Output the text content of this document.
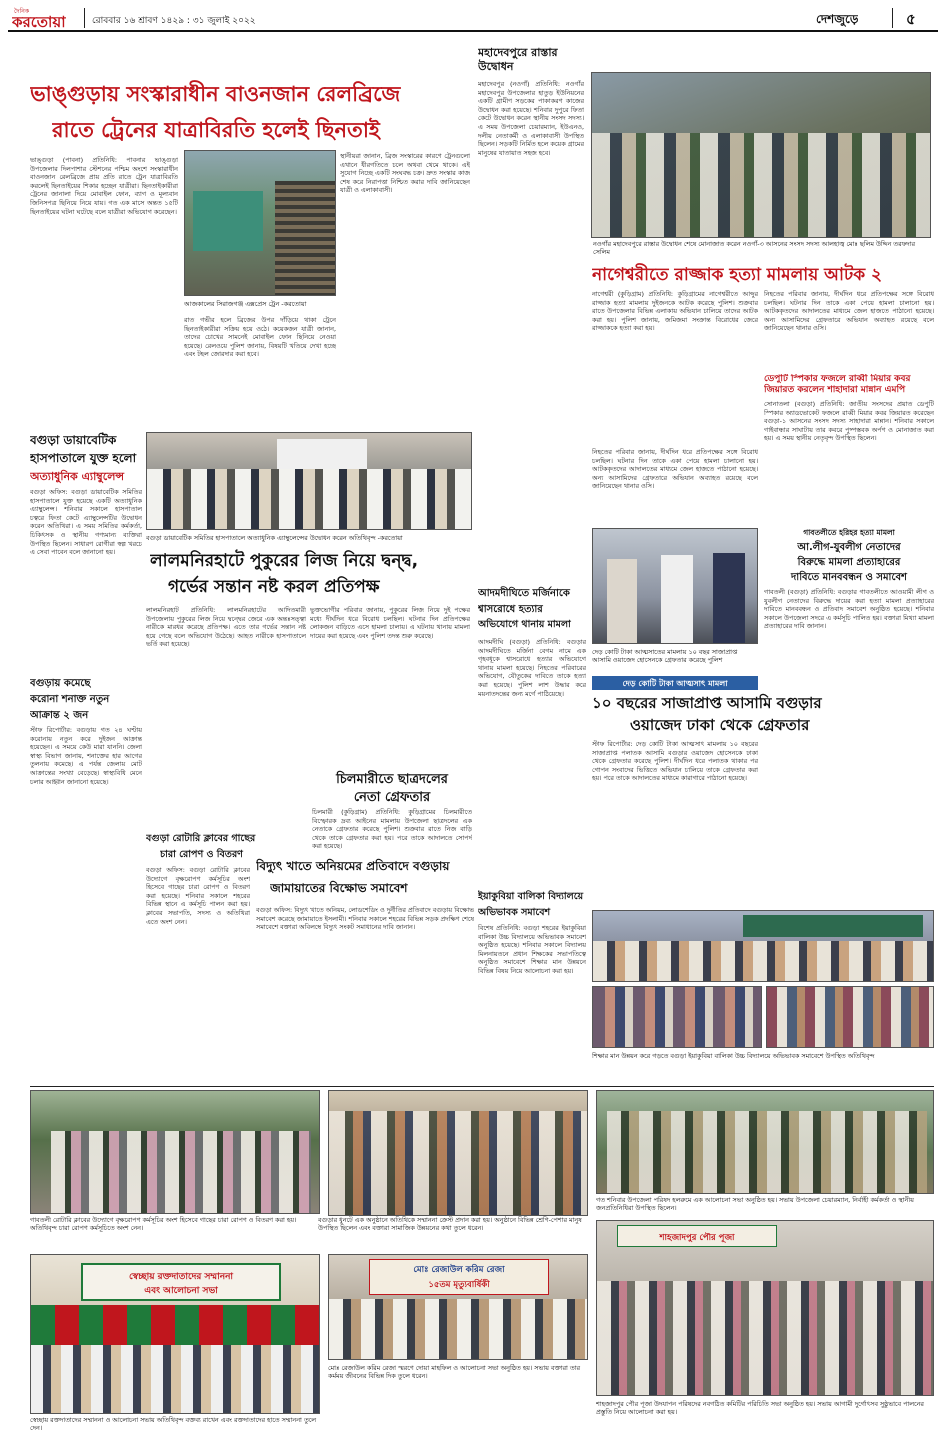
দৈনিক
করতোয়া	রোববার ১৬ শ্রাবণ ১৪২৯ : ৩১ জুলাই ২০২২	দেশজুড়ে	৫
ভাঙ্গুড়ায় সংস্কারাধীন বাওনজান রেলব্রিজে
রাতে ট্রেনের যাত্রাবিরতি হলেই ছিনতাই
ভাঙ্গুড়া (পাবনা) প্রতিনিধি: পাবনার ভাঙ্গুড়া উপজেলার দিলপাশার স্টেশনের পশ্চিম অংশে সংস্কারাধীন বাওনজান রেলব্রিজে প্রায় প্রতি রাতে ট্রেন যাত্রাবিরতি করলেই ছিনতাইয়ের শিকার হচ্ছেন যাত্রীরা। ছিনতাইকারীরা ট্রেনের জানালা দিয়ে মোবাইল ফোন, ব্যাগ ও মূল্যবান জিনিসপত্র ছিনিয়ে নিয়ে যায়। গত এক মাসে অন্তত ১৫টি ছিনতাইয়ের ঘটনা ঘটেছে বলে যাত্রীরা অভিযোগ করেছেন।
আজকালের সিরাজগঞ্জ এক্সপ্রেস ট্রেন -করতোয়া
রাত গভীর হলে ব্রিজের উপর দাঁড়িয়ে থাকা ট্রেনে ছিনতাইকারীরা সক্রিয় হয়ে ওঠে। কয়েকজন যাত্রী জানান, তাদের চোখের সামনেই মোবাইল ফোন ছিনিয়ে নেওয়া হয়েছে। রেলওয়ে পুলিশ জানায়, বিষয়টি খতিয়ে দেখা হচ্ছে এবং টহল জোরদার করা হবে।
স্থানীয়রা জানান, ব্রিজ সংস্কারের কারণে ট্রেনগুলো এখানে ধীরগতিতে চলে অথবা থেমে থাকে। এই সুযোগ নিচ্ছে একটি সংঘবদ্ধ চক্র। দ্রুত সংস্কার কাজ শেষ করে নিরাপত্তা নিশ্চিত করার দাবি জানিয়েছেন যাত্রী ও এলাকাবাসী।
মহাদেবপুরে রাস্তার উদ্বোধন
মহাদেবপুর (নওগাঁ) প্রতিনিধি: নওগাঁর মহাদেবপুর উপজেলার হাতুড় ইউনিয়নের একটি গ্রামীণ সড়কের পাকাকরণ কাজের উদ্বোধন করা হয়েছে। শনিবার দুপুরে ফিতা কেটে উদ্বোধন করেন স্থানীয় সংসদ সদস্য। এ সময় উপজেলা চেয়ারম্যান, ইউএনও, দলীয় নেতাকর্মী ও এলাকাবাসী উপস্থিত ছিলেন। সড়কটি নির্মিত হলে কয়েক গ্রামের মানুষের যাতায়াত সহজ হবে।
নওগাঁর মহাদেবপুরে রাস্তার উদ্বোধন শেষে মোনাজাত করেন নওগাঁ-৩ আসনের সংসদ সদস্য আলহাজ্ব মোঃ ছলিম উদ্দিন তরফদার সেলিম
নাগেশ্বরীতে রাজ্জাক হত্যা মামলায় আটক ২
নাগেশ্বরী (কুড়িগ্রাম) প্রতিনিধি: কুড়িগ্রামের নাগেশ্বরীতে আব্দুর রাজ্জাক হত্যা মামলায় দুইজনকে আটক করেছে পুলিশ। শুক্রবার রাতে উপজেলার বিভিন্ন এলাকায় অভিযান চালিয়ে তাদের আটক করা হয়। পুলিশ জানায়, জমিজমা সংক্রান্ত বিরোধের জেরে রাজ্জাককে হত্যা করা হয়।
নিহতের পরিবার জানায়, দীর্ঘদিন ধরে প্রতিপক্ষের সঙ্গে বিরোধ চলছিল। ঘটনার দিন তাকে একা পেয়ে হামলা চালানো হয়। আটককৃতদের আদালতের মাধ্যমে জেল হাজতে পাঠানো হয়েছে। অন্য আসামিদের গ্রেফতারে অভিযান অব্যাহত রয়েছে বলে জানিয়েছেন থানার ওসি।
ডেপুটি স্পিকার ফজলে রাব্বী মিয়ার কবর জিয়ারত করলেন শাহাদারা মান্নান এমপি
সোনাতলা (বগুড়া) প্রতিনিধি: জাতীয় সংসদের প্রয়াত ডেপুটি স্পিকার অ্যাডভোকেট ফজলে রাব্বী মিয়ার কবর জিয়ারত করেছেন বগুড়া-১ আসনের সংসদ সদস্য সাহাদারা মান্নান। শনিবার সকালে গাইবান্ধার সাঘাটায় তার কবরে পুষ্পস্তবক অর্পণ ও মোনাজাত করা হয়। এ সময় স্থানীয় নেতৃবৃন্দ উপস্থিত ছিলেন।
নিহতের পরিবার জানায়, দীর্ঘদিন ধরে প্রতিপক্ষের সঙ্গে বিরোধ চলছিল। ঘটনার দিন তাকে একা পেয়ে হামলা চালানো হয়। আটককৃতদের আদালতের মাধ্যমে জেল হাজতে পাঠানো হয়েছে। অন্য আসামিদের গ্রেফতারে অভিযান অব্যাহত রয়েছে বলে জানিয়েছেন থানার ওসি।
বগুড়া ডায়াবেটিক
হাসপাতালে যুক্ত হলো
অত্যাধুনিক এ্যাম্বুলেন্স
বগুড়া অফিস: বগুড়া ডায়াবেটিক সমিতির হাসপাতালে যুক্ত হয়েছে একটি অত্যাধুনিক এ্যাম্বুলেন্স। শনিবার সকালে হাসপাতাল চত্বরে ফিতা কেটে এ্যাম্বুলেন্সটির উদ্বোধন করেন অতিথিরা। এ সময় সমিতির কর্মকর্তা, চিকিৎসক ও স্থানীয় গণ্যমান্য ব্যক্তিরা উপস্থিত ছিলেন। সাধারণ রোগীরা স্বল্প খরচে এ সেবা পাবেন বলে জানানো হয়।
বগুড়া ডায়াবেটিক সমিতির হাসপাতালে অত্যাধুনিক এ্যাম্বুলেন্সের উদ্বোধন করেন অতিথিবৃন্দ -করতোয়া
লালমনিরহাটে পুকুরের লিজ নিয়ে দ্বন্দ্ব,
গর্ভের সন্তান নষ্ট করল প্রতিপক্ষ
লালমনিরহাট প্রতিনিধি: লালমনিরহাটের আদিতমারী উপজেলায় পুকুরের লিজ নিয়ে দ্বন্দ্বের জেরে এক অন্তঃসত্ত্বা নারীকে মারধর করেছে প্রতিপক্ষ। এতে তার গর্ভের সন্তান নষ্ট হয়ে গেছে বলে অভিযোগ উঠেছে। আহত নারীকে হাসপাতালে ভর্তি করা হয়েছে।
ভুক্তভোগীর পরিবার জানায়, পুকুরের লিজ নিয়ে দুই পক্ষের মধ্যে দীর্ঘদিন ধরে বিরোধ চলছিল। ঘটনার দিন প্রতিপক্ষের লোকজন বাড়িতে এসে হামলা চালায়। এ ঘটনায় থানায় মামলা দায়ের করা হয়েছে এবং পুলিশ তদন্ত শুরু করেছে।
বগুড়ায় কমেছে
করোনা শনাক্ত নতুন
আক্রান্ত ২ জন
স্টাফ রিপোর্টার: বগুড়ায় গত ২৪ ঘণ্টায় করোনায় নতুন করে দুইজন আক্রান্ত হয়েছেন। এ সময়ে কেউ মারা যাননি। জেলা স্বাস্থ্য বিভাগ জানায়, শনাক্তের হার আগের তুলনায় কমেছে। এ পর্যন্ত জেলায় মোট আক্রান্তের সংখ্যা বেড়েছে। স্বাস্থ্যবিধি মেনে চলার আহ্বান জানানো হয়েছে।	চিলমারীতে ছাত্রদলের
নেতা গ্রেফতার
চিলমারী (কুড়িগ্রাম) প্রতিনিধি: কুড়িগ্রামের চিলমারীতে বিস্ফোরক দ্রব্য আইনের মামলায় উপজেলা ছাত্রদলের এক নেতাকে গ্রেফতার করেছে পুলিশ। শুক্রবার রাতে নিজ বাড়ি থেকে তাকে গ্রেফতার করা হয়। পরে তাকে আদালতে সোপর্দ করা হয়েছে।
বগুড়া রোটারি ক্লাবের গাছের
চারা রোপণ ও বিতরণ
বগুড়া অফিস: বগুড়া রোটারি ক্লাবের উদ্যোগে বৃক্ষরোপণ কর্মসূচির অংশ হিসেবে গাছের চারা রোপণ ও বিতরণ করা হয়েছে। শনিবার সকালে শহরের বিভিন্ন স্থানে এ কর্মসূচি পালন করা হয়। ক্লাবের সভাপতি, সদস্য ও অতিথিরা এতে অংশ নেন।
বিদ্যুৎ খাতে অনিয়মের প্রতিবাদে বগুড়ায়
জামায়াতের বিক্ষোভ সমাবেশ
বগুড়া অফিস: বিদ্যুৎ খাতে অনিয়ম, লোডশেডিং ও দুর্নীতির প্রতিবাদে বগুড়ায় বিক্ষোভ সমাবেশ করেছে জামায়াতে ইসলামী। শনিবার সকালে শহরের বিভিন্ন সড়ক প্রদক্ষিণ শেষে সমাবেশে বক্তারা অবিলম্বে বিদ্যুৎ সংকট সমাধানের দাবি জানান।
আদমদীঘিতে মর্জিনাকে
শ্বাসরোধে হত্যার
অভিযোগে থানায় মামলা
আদমদীঘি (বগুড়া) প্রতিনিধি: বগুড়ার আদমদীঘিতে মর্জিনা বেগম নামে এক গৃহবধূকে শ্বাসরোধে হত্যার অভিযোগে থানায় মামলা হয়েছে। নিহতের পরিবারের অভিযোগ, যৌতুকের দাবিতে তাকে হত্যা করা হয়েছে। পুলিশ লাশ উদ্ধার করে ময়নাতদন্তের জন্য মর্গে পাঠিয়েছে।
ইয়াকুবিয়া বালিকা বিদ্যালয়ে
অভিভাবক সমাবেশ
বিশেষ প্রতিনিধি: বগুড়া শহরের ইয়াকুবিয়া বালিকা উচ্চ বিদ্যালয়ে অভিভাবক সমাবেশ অনুষ্ঠিত হয়েছে। শনিবার সকালে বিদ্যালয় মিলনায়তনে প্রধান শিক্ষকের সভাপতিত্বে অনুষ্ঠিত সমাবেশে শিক্ষার মান উন্নয়নে বিভিন্ন বিষয় নিয়ে আলোচনা করা হয়।
দেড় কোটি টাকা আত্মসাতের মামলায় ১০ বছর সাজাপ্রাপ্ত আসামি ওয়াজেদ হোসেনকে গ্রেফতার করেছে পুলিশ
দেড় কোটি টাকা আত্মসাৎ মামলা
১০ বছরের সাজাপ্রাপ্ত আসামি বগুড়ার
ওয়াজেদ ঢাকা থেকে গ্রেফতার
স্টাফ রিপোর্টার: দেড় কোটি টাকা আত্মসাৎ মামলায় ১০ বছরের সাজাপ্রাপ্ত পলাতক আসামি বগুড়ার ওয়াজেদ হোসেনকে ঢাকা থেকে গ্রেফতার করেছে পুলিশ। দীর্ঘদিন ধরে পলাতক থাকার পর গোপন সংবাদের ভিত্তিতে অভিযান চালিয়ে তাকে গ্রেফতার করা হয়। পরে তাকে আদালতের মাধ্যমে কারাগারে পাঠানো হয়েছে।
গাবতলীতে হরিহর হত্যা মামলা
আ.লীগ-যুবলীগ নেতাদের
বিরুদ্ধে মামলা প্রত্যাহারের
দাবিতে মানববন্ধন ও সমাবেশ
গাবতলী (বগুড়া) প্রতিনিধি: বগুড়ার গাবতলীতে আওয়ামী লীগ ও যুবলীগ নেতাদের বিরুদ্ধে দায়ের করা হত্যা মামলা প্রত্যাহারের দাবিতে মানববন্ধন ও প্রতিবাদ সমাবেশ অনুষ্ঠিত হয়েছে। শনিবার সকালে উপজেলা সদরে এ কর্মসূচি পালিত হয়। বক্তারা মিথ্যা মামলা প্রত্যাহারের দাবি জানান।
শিক্ষার মান উন্নয়ন করে গড়তে বগুড়া ইয়াকুবিয়া বালিকা উচ্চ বিদ্যালয়ে অভিভাবক সমাবেশে উপস্থিত অতিথিবৃন্দ
গাবতলী রোটারি ক্লাবের উদ্যোগে বৃক্ষরোপণ কর্মসূচির অংশ হিসেবে গাছের চারা রোপণ ও বিতরণ করা হয়। অতিথিবৃন্দ চারা রোপণ কর্মসূচিতে অংশ নেন।
বগুড়ার ধুনটে এক অনুষ্ঠানে অতিথিকে সম্মাননা ক্রেস্ট প্রদান করা হয়। অনুষ্ঠানে বিভিন্ন শ্রেণি-পেশার মানুষ উপস্থিত ছিলেন এবং বক্তারা সামাজিক উন্নয়নের কথা তুলে ধরেন।
গত শনিবার উপজেলা পরিষদ হলরুমে এক আলোচনা সভা অনুষ্ঠিত হয়। সভায় উপজেলা চেয়ারম্যান, নির্বাহী কর্মকর্তা ও স্থানীয় জনপ্রতিনিধিরা উপস্থিত ছিলেন।
স্বেচ্ছায় রক্তদাতাদের সম্মাননা
এবং আলোচনা সভা
স্বেচ্ছায় রক্তদাতাদের সম্মাননা ও আলোচনা সভায় অতিথিবৃন্দ বক্তব্য রাখেন এবং রক্তদাতাদের হাতে সম্মাননা তুলে দেন।
মোঃ রেজাউল করিম রেজা
১৫তম মৃত্যুবার্ষিকী
মোঃ রেজাউল করিম রেজা স্মরণে দোয়া মাহফিল ও আলোচনা সভা অনুষ্ঠিত হয়। সভায় বক্তারা তার কর্মময় জীবনের বিভিন্ন দিক তুলে ধরেন।
শাহজাদপুর পৌর পূজা
শাহজাদপুর পৌর পূজা উদযাপন পরিষদের নবগঠিত কমিটির পরিচিতি সভা অনুষ্ঠিত হয়। সভায় আগামী দুর্গোৎসব সুষ্ঠুভাবে পালনের প্রস্তুতি নিয়ে আলোচনা করা হয়।
